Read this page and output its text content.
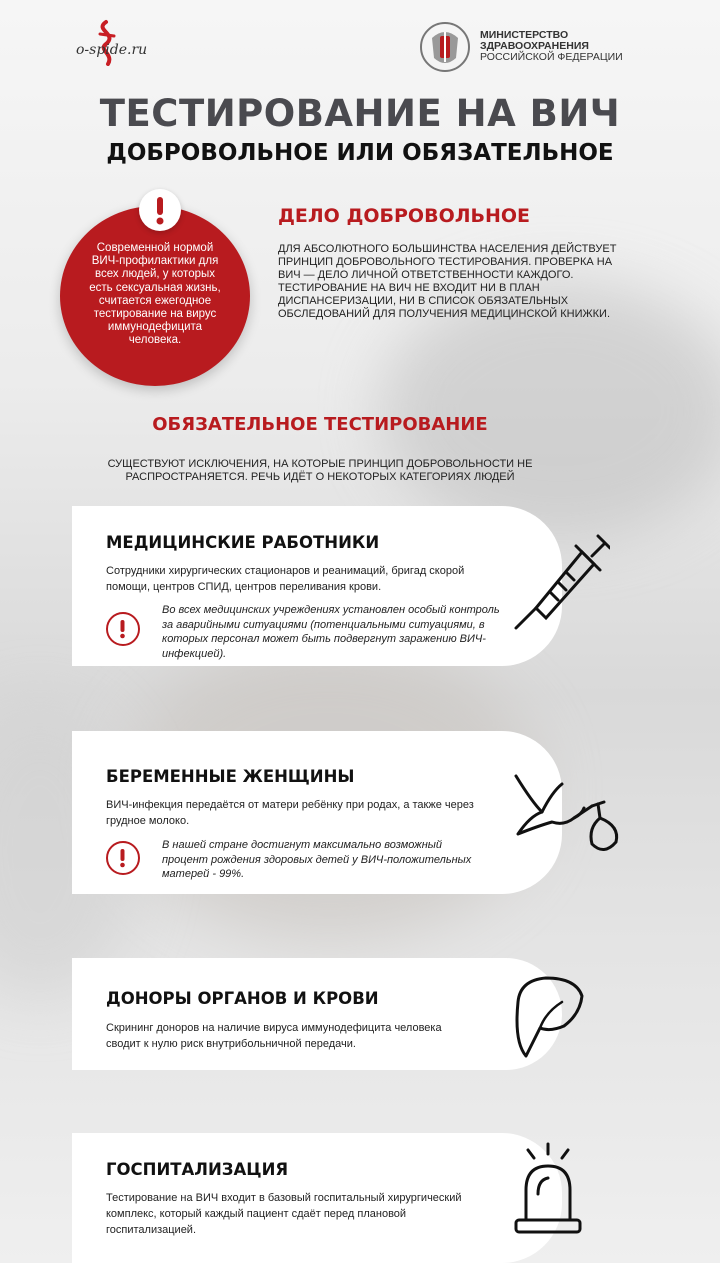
o-spide.ru
МИНИСТЕРСТВО
ЗДРАВООХРАНЕНИЯ
РОССИЙСКОЙ ФЕДЕРАЦИИ
ТЕСТИРОВАНИЕ НА ВИЧ
ДОБРОВОЛЬНОЕ ИЛИ ОБЯЗАТЕЛЬНОЕ
Современной нормой ВИЧ-профилактики для всех людей, у которых есть сексуальная жизнь, считается ежегодное тестирование на вирус иммунодефицита человека.
ДЕЛО ДОБРОВОЛЬНОЕ
ДЛЯ АБСОЛЮТНОГО БОЛЬШИНСТВА НАСЕЛЕНИЯ ДЕЙСТВУЕТ ПРИНЦИП ДОБРОВОЛЬНОГО ТЕСТИРОВАНИЯ. ПРОВЕРКА НА ВИЧ — ДЕЛО ЛИЧНОЙ ОТВЕТСТВЕННОСТИ КАЖДОГО. ТЕСТИРОВАНИЕ НА ВИЧ НЕ ВХОДИТ НИ В ПЛАН ДИСПАНСЕРИЗАЦИИ, НИ В СПИСОК ОБЯЗАТЕЛЬНЫХ ОБСЛЕДОВАНИЙ ДЛЯ ПОЛУЧЕНИЯ МЕДИЦИНСКОЙ КНИЖКИ.
ОБЯЗАТЕЛЬНОЕ ТЕСТИРОВАНИЕ
СУЩЕСТВУЮТ ИСКЛЮЧЕНИЯ, НА КОТОРЫЕ ПРИНЦИП ДОБРОВОЛЬНОСТИ НЕ РАСПРОСТРАНЯЕТСЯ. РЕЧЬ ИДЁТ О НЕКОТОРЫХ КАТЕГОРИЯХ ЛЮДЕЙ
МЕДИЦИНСКИЕ РАБОТНИКИ
Сотрудники хирургических стационаров и реанимаций, бригад скорой помощи, центров СПИД, центров переливания крови.
Во всех медицинских учреждениях установлен особый контроль за аварийными ситуациями (потенциальными ситуациями, в которых персонал может быть подвергнут заражению ВИЧ-инфекцией).
БЕРЕМЕННЫЕ ЖЕНЩИНЫ
ВИЧ-инфекция передаётся от матери ребёнку при родах, а также через грудное молоко.
В нашей стране достигнут максимально возможный процент рождения здоровых детей у ВИЧ-положительных матерей - 99%.
ДОНОРЫ ОРГАНОВ И КРОВИ
Скрининг доноров на наличие вируса иммунодефицита человека сводит к нулю риск внутрибольничной передачи.
ГОСПИТАЛИЗАЦИЯ
Тестирование на ВИЧ входит в базовый госпитальный хирургический комплекс, который каждый пациент сдаёт перед плановой госпитализацией.
